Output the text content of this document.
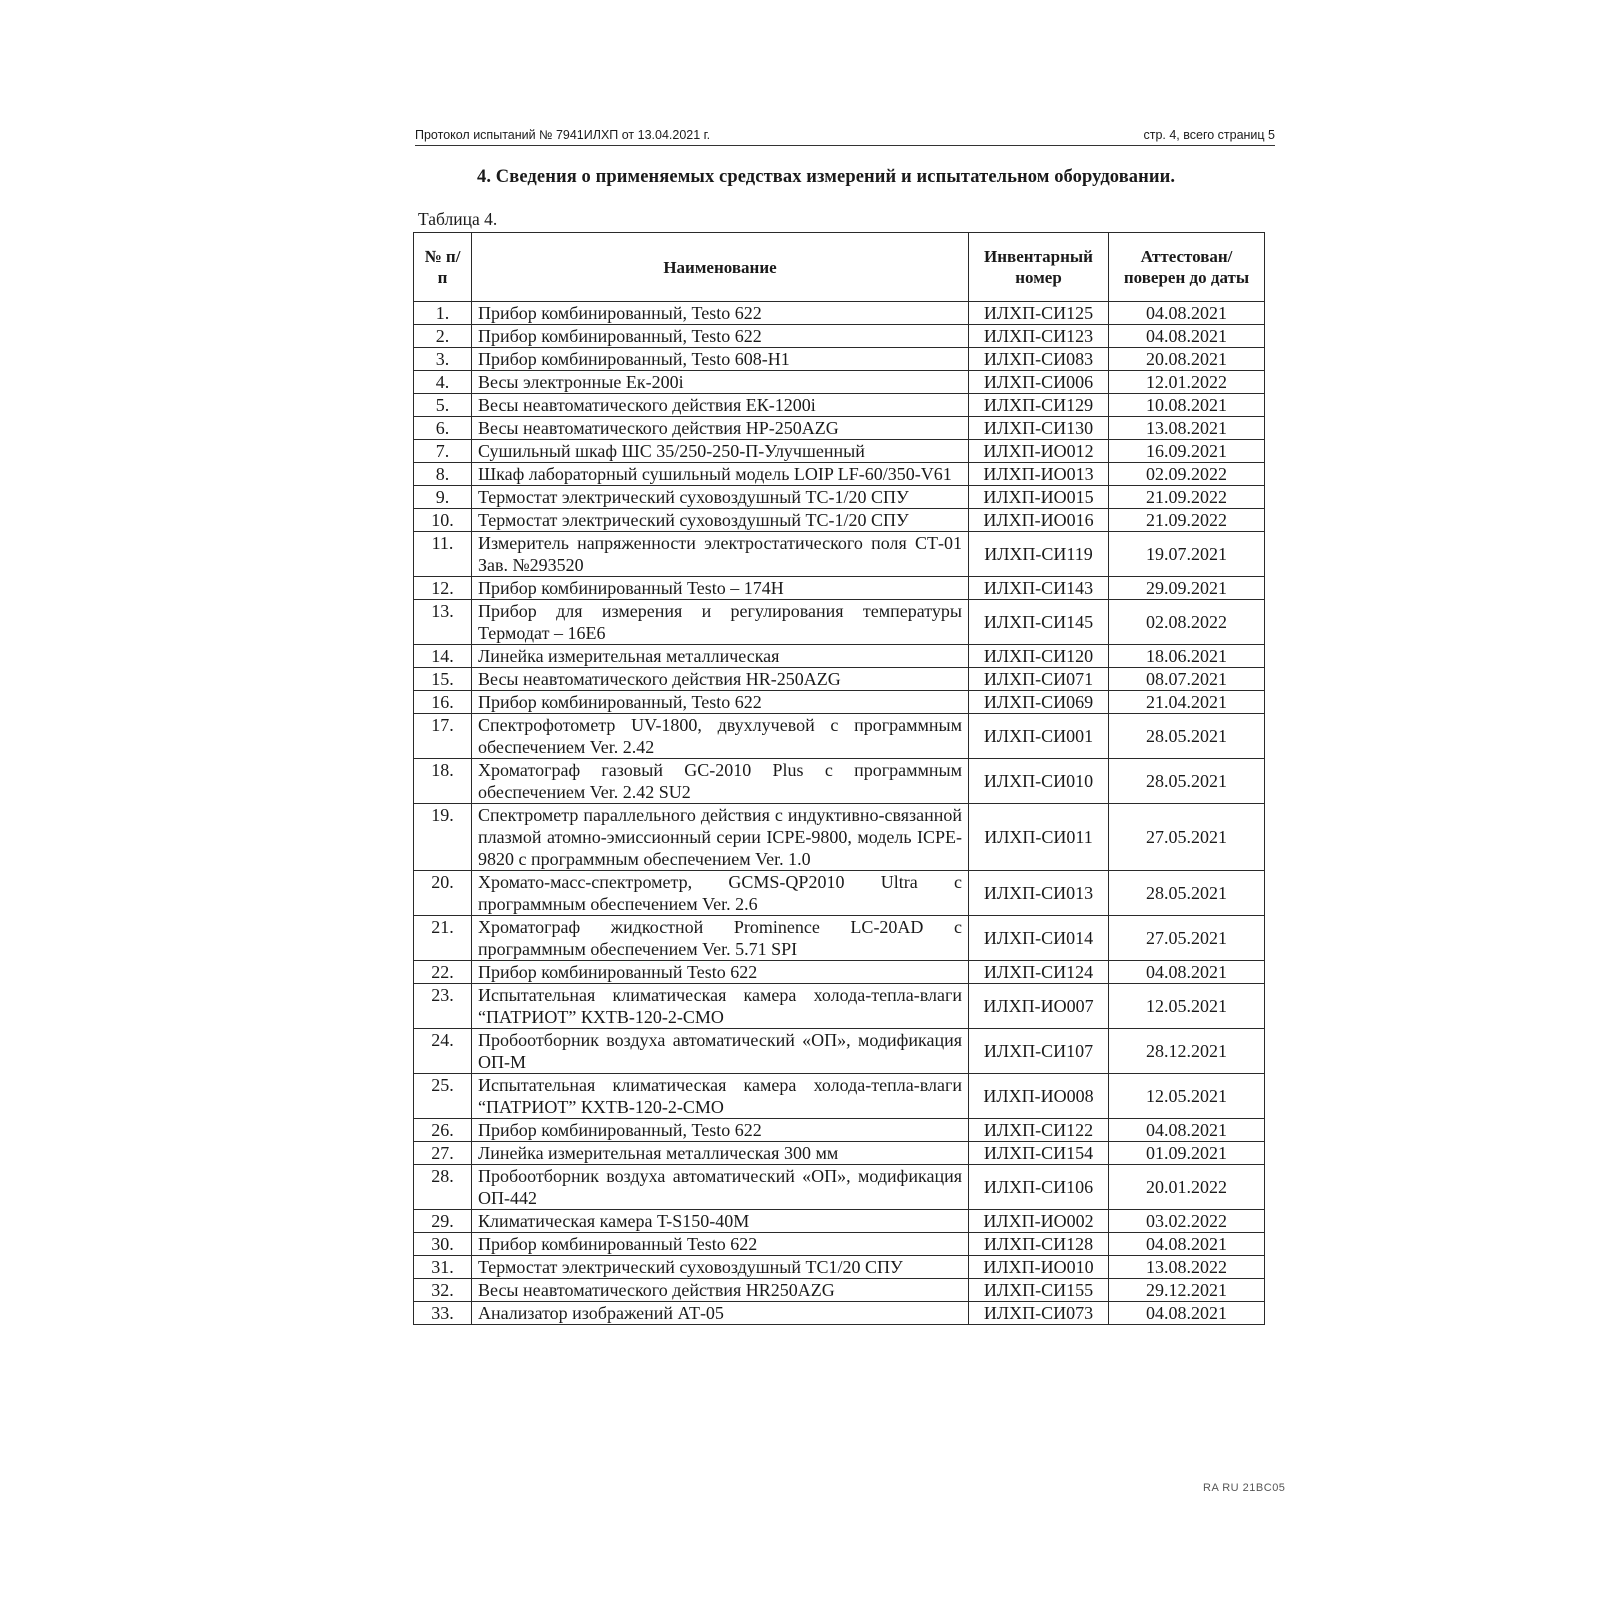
Протокол испытаний № 7941ИЛХП от 13.04.2021 г.	стр. 4, всего страниц 5
4. Сведения о применяемых средствах измерений и испытательном оборудовании.
Таблица 4.
№ п/п	Наименование	Инвентарный номер	Аттестован/ поверен до даты
1.	Прибор комбинированный, Testo 622	ИЛХП-СИ125	04.08.2021
2.	Прибор комбинированный, Testo 622	ИЛХП-СИ123	04.08.2021
3.	Прибор комбинированный, Testo 608-H1	ИЛХП-СИ083	20.08.2021
4.	Весы электронные Ек-200i	ИЛХП-СИ006	12.01.2022
5.	Весы неавтоматического действия ЕК-1200i	ИЛХП-СИ129	10.08.2021
6.	Весы неавтоматического действия HP-250AZG	ИЛХП-СИ130	13.08.2021
7.	Сушильный шкаф ШС 35/250-250-П-Улучшенный	ИЛХП-ИО012	16.09.2021
8.	Шкаф лабораторный сушильный модель LOIP LF-60/350-V61	ИЛХП-ИО013	02.09.2022
9.	Термостат электрический суховоздушный ТС-1/20 СПУ	ИЛХП-ИО015	21.09.2022
10.	Термостат электрический суховоздушный ТС-1/20 СПУ	ИЛХП-ИО016	21.09.2022
11.	Измеритель напряженности электростатического поля СТ-01 Зав. №293520	ИЛХП-СИ119	19.07.2021
12.	Прибор комбинированный Testo – 174H	ИЛХП-СИ143	29.09.2021
13.	Прибор для измерения и регулирования температуры Термодат – 16Е6	ИЛХП-СИ145	02.08.2022
14.	Линейка измерительная металлическая	ИЛХП-СИ120	18.06.2021
15.	Весы неавтоматического действия HR-250AZG	ИЛХП-СИ071	08.07.2021
16.	Прибор комбинированный, Testo 622	ИЛХП-СИ069	21.04.2021
17.	Спектрофотометр UV-1800, двухлучевой с программным обеспечением Ver. 2.42	ИЛХП-СИ001	28.05.2021
18.	Хроматограф газовый GC-2010 Plus с программным обеспечением Ver. 2.42 SU2	ИЛХП-СИ010	28.05.2021
19.	Спектрометр параллельного действия с индуктивно-связанной плазмой атомно-эмиссионный серии ICPE-9800, модель ICPE-9820 с программным обеспечением Ver. 1.0	ИЛХП-СИ011	27.05.2021
20.	Хромато-масс-спектрометр, GCMS-QP2010 Ultra с программным обеспечением Ver. 2.6	ИЛХП-СИ013	28.05.2021
21.	Хроматограф жидкостной Prominence LC-20AD с программным обеспечением Ver. 5.71 SPI	ИЛХП-СИ014	27.05.2021
22.	Прибор комбинированный Testo 622	ИЛХП-СИ124	04.08.2021
23.	Испытательная климатическая камера холода-тепла-влаги “ПАТРИОТ” КХТВ-120-2-СМО	ИЛХП-ИО007	12.05.2021
24.	Пробоотборник воздуха автоматический «ОП», модификация ОП-М	ИЛХП-СИ107	28.12.2021
25.	Испытательная климатическая камера холода-тепла-влаги “ПАТРИОТ” КХТВ-120-2-СМО	ИЛХП-ИО008	12.05.2021
26.	Прибор комбинированный, Testo 622	ИЛХП-СИ122	04.08.2021
27.	Линейка измерительная металлическая 300 мм	ИЛХП-СИ154	01.09.2021
28.	Пробоотборник воздуха автоматический «ОП», модификация ОП-442	ИЛХП-СИ106	20.01.2022
29.	Климатическая камера T-S150-40M	ИЛХП-ИО002	03.02.2022
30.	Прибор комбинированный Testo 622	ИЛХП-СИ128	04.08.2021
31.	Термостат электрический суховоздушный ТС1/20 СПУ	ИЛХП-ИО010	13.08.2022
32.	Весы неавтоматического действия HR250AZG	ИЛХП-СИ155	29.12.2021
33.	Анализатор изображений АТ-05	ИЛХП-СИ073	04.08.2021
RA RU 21BC05
